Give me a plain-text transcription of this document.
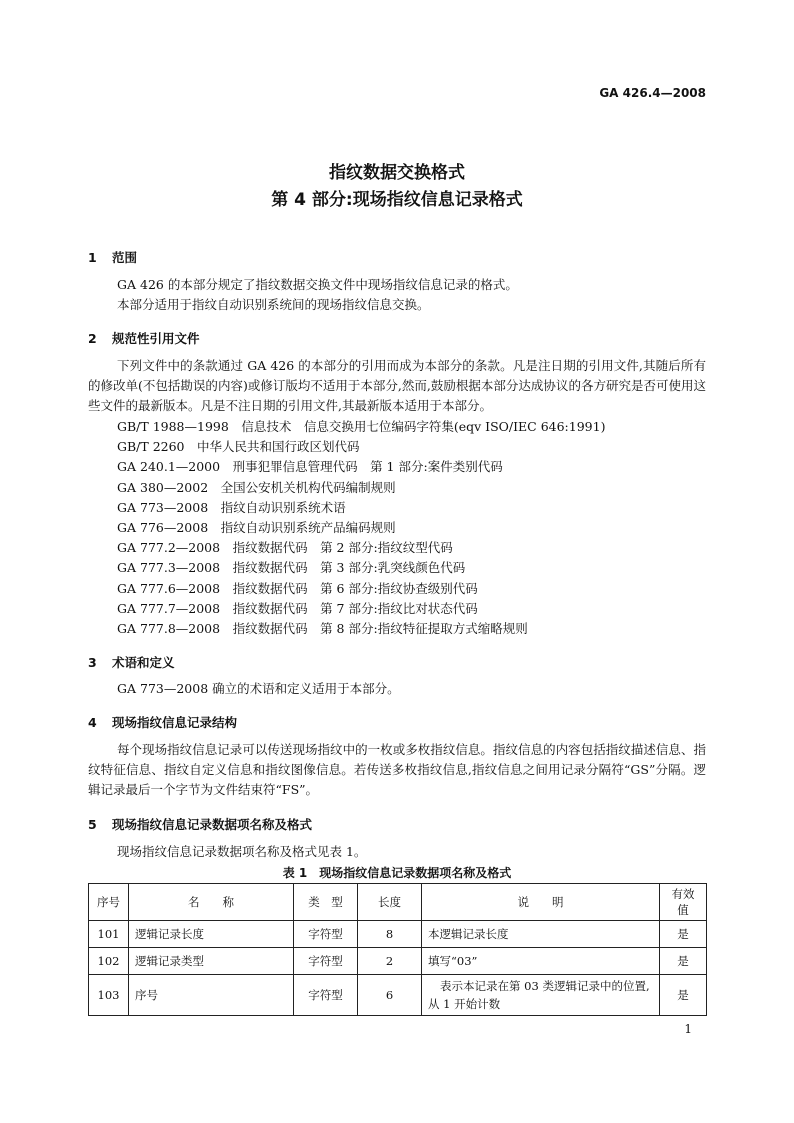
GA 426.4—2008
指纹数据交换格式
第 4 部分:现场指纹信息记录格式
1 范围
GA 426 的本部分规定了指纹数据交换文件中现场指纹信息记录的格式。
本部分适用于指纹自动识别系统间的现场指纹信息交换。
2 规范性引用文件
下列文件中的条款通过 GA 426 的本部分的引用而成为本部分的条款。凡是注日期的引用文件,其随后所有的修改单(不包括勘误的内容)或修订版均不适用于本部分,然而,鼓励根据本部分达成协议的各方研究是否可使用这些文件的最新版本。凡是不注日期的引用文件,其最新版本适用于本部分。
GB/T 1988—1998　信息技术　信息交换用七位编码字符集(eqv ISO/IEC 646:1991)
GB/T 2260　中华人民共和国行政区划代码
GA 240.1—2000　刑事犯罪信息管理代码　第 1 部分:案件类别代码
GA 380—2002　全国公安机关机构代码编制规则
GA 773—2008　指纹自动识别系统术语
GA 776—2008　指纹自动识别系统产品编码规则
GA 777.2—2008　指纹数据代码　第 2 部分:指纹纹型代码
GA 777.3—2008　指纹数据代码　第 3 部分:乳突线颜色代码
GA 777.6—2008　指纹数据代码　第 6 部分:指纹协查级别代码
GA 777.7—2008　指纹数据代码　第 7 部分:指纹比对状态代码
GA 777.8—2008　指纹数据代码　第 8 部分:指纹特征提取方式缩略规则
3 术语和定义
GA 773—2008 确立的术语和定义适用于本部分。
4 现场指纹信息记录结构
每个现场指纹信息记录可以传送现场指纹中的一枚或多枚指纹信息。指纹信息的内容包括指纹描述信息、指纹特征信息、指纹自定义信息和指纹图像信息。若传送多枚指纹信息,指纹信息之间用记录分隔符“GS”分隔。逻辑记录最后一个字节为文件结束符“FS”。
5 现场指纹信息记录数据项名称及格式
现场指纹信息记录数据项名称及格式见表 1。
表 1　现场指纹信息记录数据项名称及格式
序号	名　　称	类　型	长度	说　　明	有效值
101	逻辑记录长度	字符型	8	本逻辑记录长度	是
102	逻辑记录类型	字符型	2	填写“03”	是
103	序号	字符型	6	表示本记录在第 03 类逻辑记录中的位置,从 1 开始计数	是
1
